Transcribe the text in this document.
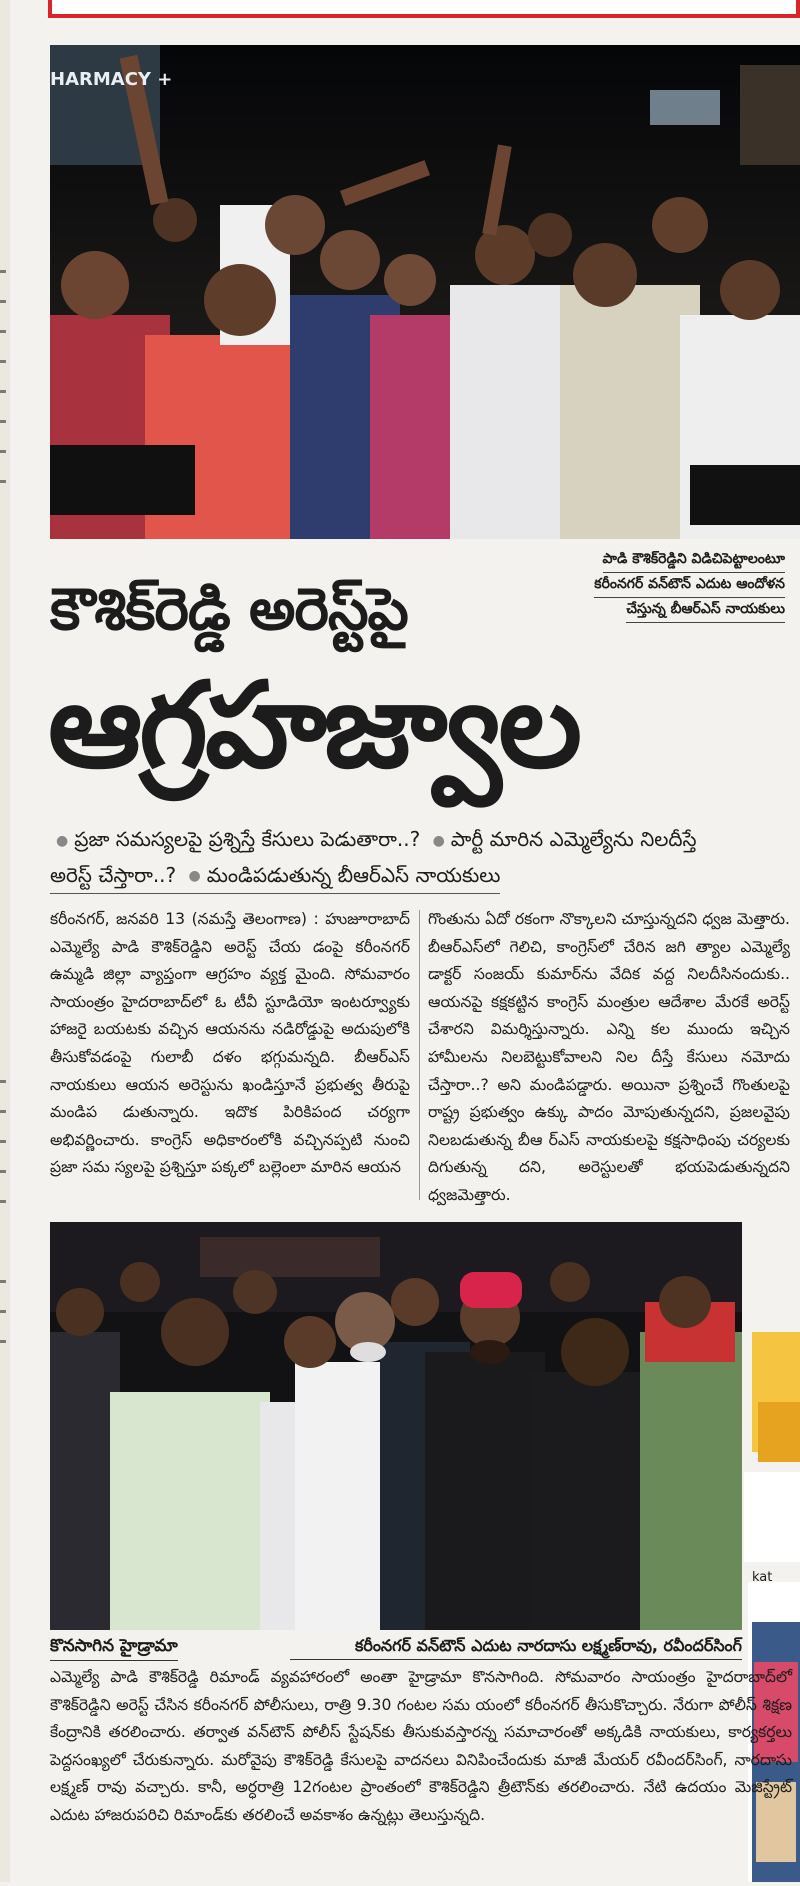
HARMACY +
పాడి కౌశిక్‌రెడ్డిని విడిచిపెట్టాలంటూ
కరీంనగర్ వన్‌టౌన్ ఎదుట ఆందోళన
చేస్తున్న బీఆర్ఎస్ నాయకులు
కౌశిక్‌రెడ్డి అరెస్ట్‌పై
ఆగ్రహజ్వాల
● ప్రజా సమస్యలపై ప్రశ్నిస్తే కేసులు పెడుతారా..? ● పార్టీ మారిన ఎమ్మెల్యేను నిలదీస్తే
అరెస్ట్ చేస్తారా..? ● మండిపడుతున్న బీఆర్ఎస్ నాయకులు
కరీంనగర్, జనవరి 13 (నమస్తే తెలంగాణ) : హుజూరాబాద్ ఎమ్మెల్యే పాడి కౌశిక్‌రెడ్డిని అరెస్ట్ చేయ డంపై కరీంనగర్ ఉమ్మడి జిల్లా వ్యాప్తంగా ఆగ్రహం వ్యక్త మైంది. సోమవారం సాయంత్రం హైదరాబాద్‌లో ఓ టీవీ స్టూడియో ఇంటర్వ్యూకు హాజరై బయటకు వచ్చిన ఆయనను నడిరోడ్డుపై అదుపులోకి తీసుకోవడంపై గులాబీ దళం భగ్గుమన్నది. బీఆర్ఎస్ నాయకులు ఆయన అరెస్టును ఖండిస్తూనే ప్రభుత్వ తీరుపై మండిప డుతున్నారు. ఇదొక పిరికిపంద చర్యగా అభివర్ణించారు. కాంగ్రెస్ అధికారంలోకి వచ్చినప్పటి నుంచి ప్రజా సమ స్యలపై ప్రశ్నిస్తూ పక్కలో బల్లెంలా మారిన ఆయన
గొంతును ఏదో రకంగా నొక్కాలని చూస్తున్నదని ధ్వజ మెత్తారు. బీఆర్ఎస్‌లో గెలిచి, కాంగ్రెస్‌లో చేరిన జగి త్యాల ఎమ్మెల్యే డాక్టర్ సంజయ్ కుమార్‌ను వేదిక వద్ద నిలదీసినందుకు.. ఆయనపై కక్షకట్టిన కాంగ్రెస్ మంత్రుల ఆదేశాల మేరకే అరెస్ట్ చేశారని విమర్శిస్తున్నారు. ఎన్ని కల ముందు ఇచ్చిన హామీలను నిలబెట్టుకోవాలని నిల దీస్తే కేసులు నమోదు చేస్తారా..? అని మండిపడ్డారు. అయినా ప్రశ్నించే గొంతులపై రాష్ట్ర ప్రభుత్వం ఉక్కు పాదం మోపుతున్నదని, ప్రజలవైపు నిలబడుతున్న బీఆ ర్ఎస్ నాయకులపై కక్షసాధింపు చర్యలకు దిగుతున్న దని, అరెస్టులతో భయపెడుతున్నదని ధ్వజమెత్తారు.
kat
కొనసాగిన హైడ్రామా	కరీంనగర్ వన్‌టౌన్ ఎదుట నారదాసు లక్ష్మణ్‌రావు, రవీందర్‌సింగ్
ఎమ్మెల్యే పాడి కౌశిక్‌రెడ్డి రిమాండ్ వ్యవహారంలో అంతా హైడ్రామా కొనసాగింది. సోమవారం సాయంత్రం హైదరాబాద్‌లో కౌశిక్‌రెడ్డిని అరెస్ట్ చేసిన కరీంనగర్ పోలీసులు, రాత్రి 9.30 గంటల సమ యంలో కరీంనగర్ తీసుకొచ్చారు. నేరుగా పోలీస్ శిక్షణ కేంద్రానికి తరలించారు. తర్వాత వన్‌టౌన్ పోలీస్ స్టేషన్‌కు తీసుకువస్తారన్న సమాచారంతో అక్కడికి నాయకులు, కార్యకర్తలు పెద్దసంఖ్యలో చేరుకున్నారు. మరోవైపు కౌశిక్‌రెడ్డి కేసులపై వాదనలు వినిపించేందుకు మాజీ మేయర్ రవీందర్‌సింగ్, నారదాసు లక్ష్మణ్ రావు వచ్చారు. కానీ, అర్ధరాత్రి 12గంటల ప్రాంతంలో కౌశిక్‌రెడ్డిని త్రీటౌన్‌కు తరలించారు. నేటి ఉదయం మెజిస్ట్రేట్ ఎదుట హాజరుపరిచి రిమాండ్‌కు తరలించే అవకాశం ఉన్నట్లు తెలుస్తున్నది.
